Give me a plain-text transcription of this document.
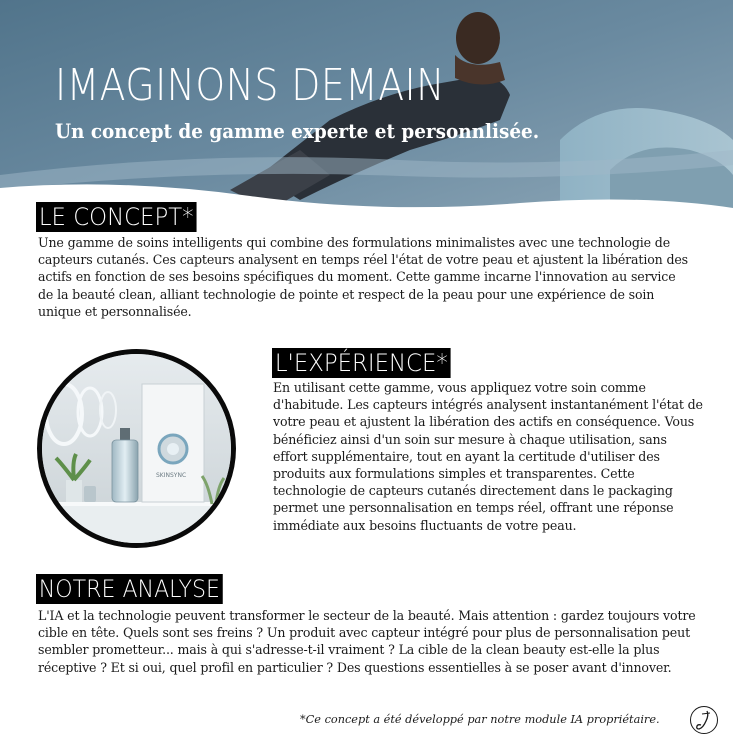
IMAGINONS DEMAIN
Un concept de gamme experte et personnlisée.
LE CONCEPT*

Une gamme de soins intelligents qui combine des formulations minimalistes avec une technologie de capteurs cutanés. Ces capteurs analysent en temps réel l'état de votre peau et ajustent la libération des actifs en fonction de ses besoins spécifiques du moment. Cette gamme incarne l'innovation au service de la beauté clean, alliant technologie de pointe et respect de la peau pour une expérience de soin unique et personnalisée.

SKINSYNC
L'EXPÉRIENCE*

En utilisant cette gamme, vous appliquez votre soin comme d'habitude. Les capteurs intégrés analysent instantanément l'état de votre peau et ajustent la libération des actifs en conséquence. Vous bénéficiez ainsi d'un soin sur mesure à chaque utilisation, sans effort supplémentaire, tout en ayant la certitude d'utiliser des produits aux formulations simples et transparentes. Cette technologie de capteurs cutanés directement dans le packaging permet une personnalisation en temps réel, offrant une réponse immédiate aux besoins fluctuants de votre peau.

NOTRE ANALYSE

L'IA et la technologie peuvent transformer le secteur de la beauté. Mais attention : gardez toujours votre cible en tête. Quels sont ses freins ? Un produit avec capteur intégré pour plus de personnalisation peut sembler prometteur... mais à qui s'adresse-t-il vraiment ? La cible de la clean beauty est-elle la plus réceptive ? Et si oui, quel profil en particulier ? Des questions essentielles à se poser avant d'innover.

*Ce concept a été développé par notre module IA propriétaire.
